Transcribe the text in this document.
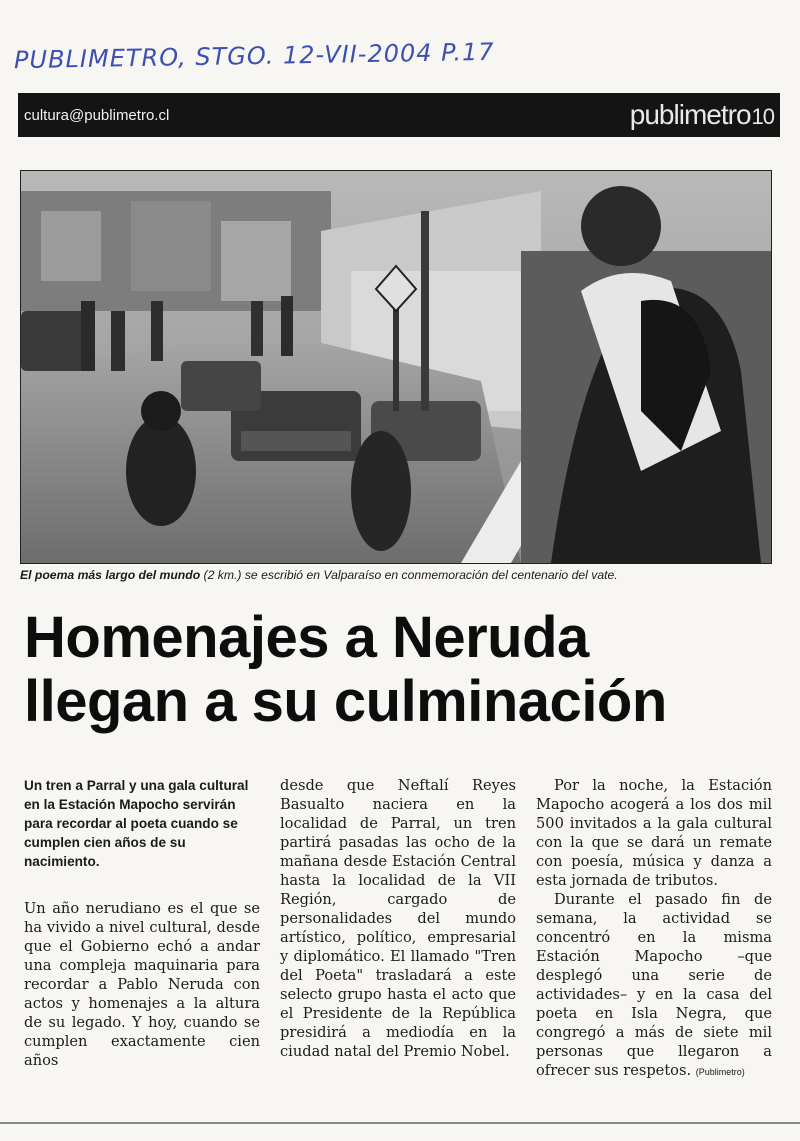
PUBLIMETRO, STGO. 12-VII-2004 P.17
cultura@publimetro.cl	publimetro10
El poema más largo del mundo (2 km.) se escribió en Valparaíso en conmemoración del centenario del vate.
Homenajes a Neruda
llegan a su culminación

Un tren a Parral y una gala cultural en la Estación Mapocho servirán para recordar al poeta cuando se cumplen cien años de su nacimiento.

Un año nerudiano es el que se ha vivido a nivel cultural, desde que el Gobierno echó a andar una compleja maquinaria para recordar a Pablo Neruda con actos y homenajes a la altura de su legado. Y hoy, cuando se cumplen exactamente cien años

desde que Neftalí Reyes Basualto naciera en la localidad de Parral, un tren partirá pasadas las ocho de la mañana desde Estación Central hasta la localidad de la VII Región, cargado de personalidades del mundo artístico, político, empresarial y diplomático. El llamado "Tren del Poeta" trasladará a este selecto grupo hasta el acto que el Presidente de la República presidirá a mediodía en la ciudad natal del Premio Nobel.

Por la noche, la Estación Mapocho acogerá a los dos mil 500 invitados a la gala cultural con la que se dará un remate con poesía, música y danza a esta jornada de tributos.

Durante el pasado fin de semana, la actividad se concentró en la misma Estación Mapocho –que desplegó una serie de actividades– y en la casa del poeta en Isla Negra, que congregó a más de siete mil personas que llegaron a ofrecer sus respetos. (Publimetro)
